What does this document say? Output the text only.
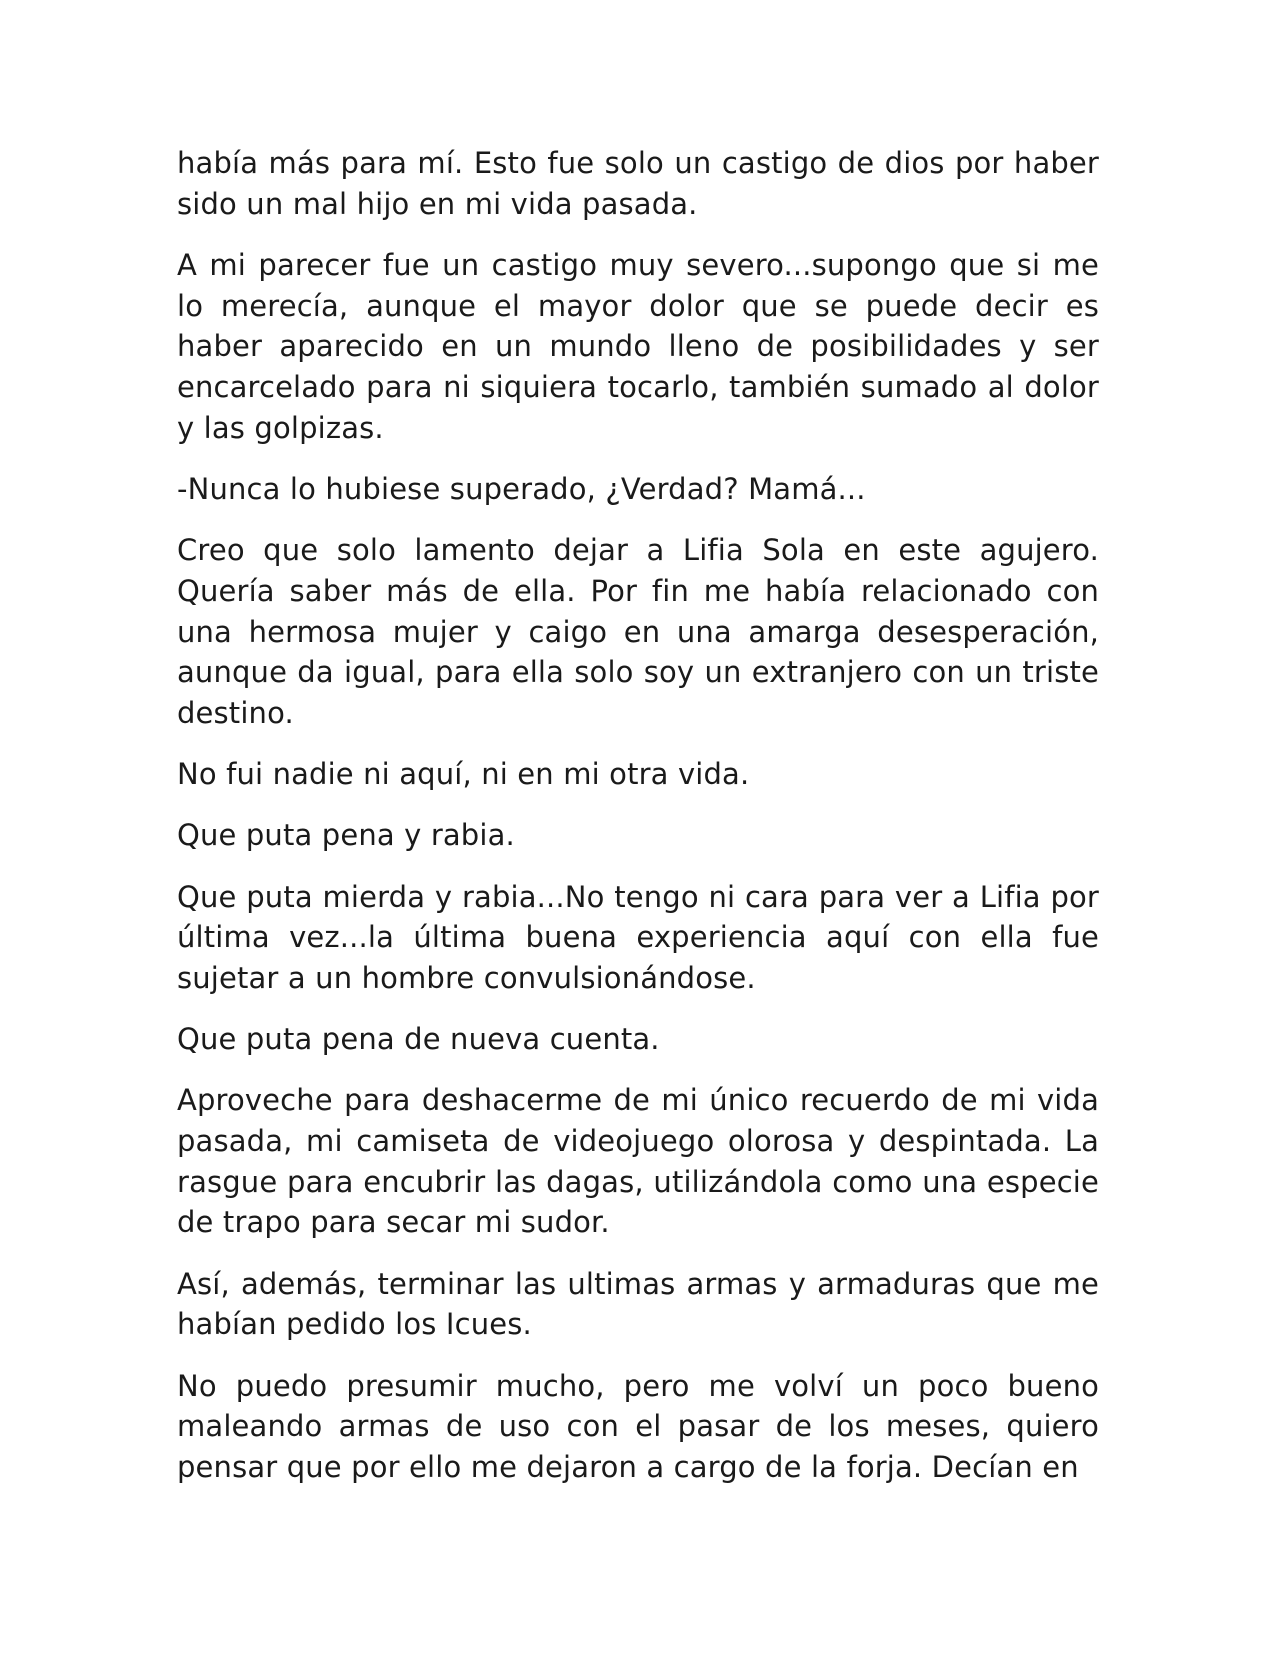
había más para mí. Esto fue solo un castigo de dios por haber sido un mal hijo en mi vida pasada.

A mi parecer fue un castigo muy severo...supongo que si me lo merecía, aunque el mayor dolor que se puede decir es haber aparecido en un mundo lleno de posibilidades y ser encarcelado para ni siquiera tocarlo, también sumado al dolor y las golpizas.

-Nunca lo hubiese superado, ¿Verdad? Mamá...

Creo que solo lamento dejar a Lifia Sola en este agujero. Quería saber más de ella. Por fin me había relacionado con una hermosa mujer y caigo en una amarga desesperación, aunque da igual, para ella solo soy un extranjero con un triste destino.

No fui nadie ni aquí, ni en mi otra vida.

Que puta pena y rabia.

Que puta mierda y rabia...No tengo ni cara para ver a Lifia por última vez...la última buena experiencia aquí con ella fue sujetar a un hombre convulsionándose.

Que puta pena de nueva cuenta.

Aproveche para deshacerme de mi único recuerdo de mi vida pasada, mi camiseta de videojuego olorosa y despintada. La rasgue para encubrir las dagas, utilizándola como una especie de trapo para secar mi sudor.

Así, además, terminar las ultimas armas y armaduras que me habían pedido los Icues.

No puedo presumir mucho, pero me volví un poco bueno maleando armas de uso con el pasar de los meses, quiero pensar que por ello me dejaron a cargo de la forja. Decían en
